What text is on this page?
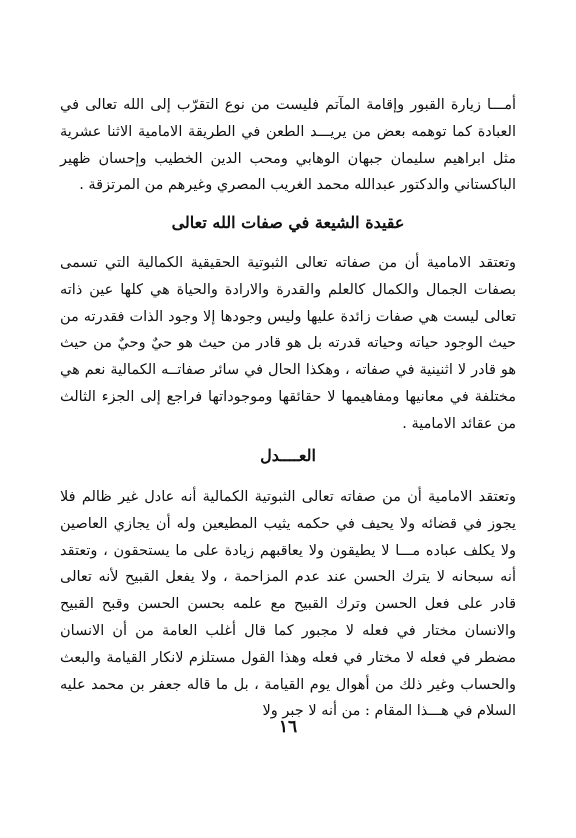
أمـــا زيارة القبور وإقامة المآتم فليست من نوع التقرّب إلى الله تعالى في العبادة كما توهمه بعض من يريـــد الطعن في الطريقة الامامية الاثنا عشرية مثل ابراهيم سليمان جبهان الوهابي ومحب الدين الخطيب وإحسان ظهير الباكستاني والدكتور عبدالله محمد الغريب المصري وغيرهم من المرتزقة .

عقيدة الشيعة في صفات الله تعالى

وتعتقد الامامية أن من صفاته تعالى الثبوتية الحقيقية الكمالية التي تسمى بصفات الجمال والكمال كالعلم والقدرة والارادة والحياة هي كلها عين ذاته تعالى ليست هي صفات زائدة عليها وليس وجودها إلا وجود الذات فقدرته من حيث الوجود حياته وحياته قدرته بل هو قادر من حيث هو حيٌ وحيٌ من حيث هو قادر لا اثنينية في صفاته ، وهكذا الحال في سائر صفاتــه الكمالية نعم هي مختلفة في معانيها ومفاهيمها لا حقائقها وموجوداتها فراجع إلى الجزء الثالث من عقائد الامامية .

العــــدل

وتعتقد الامامية أن من صفاته تعالى الثبوتية الكمالية أنه عادل غير ظالم فلا يجوز في قضائه ولا يحيف في حكمه يثيب المطيعين وله أن يجازي العاصين ولا يكلف عباده مـــا لا يطيقون ولا يعاقبهم زيادة على ما يستحقون ، وتعتقد أنه سبحانه لا يترك الحسن عند عدم المزاحمة ، ولا يفعل القبيح لأنه تعالى قادر على فعل الحسن وترك القبيح مع علمه بحسن الحسن وقبح القبيح والانسان مختار في فعله لا مجبور كما قال أغلب العامة من أن الانسان مضطر في فعله لا مختار في فعله وهذا القول مستلزم لانكار القيامة والبعث والحساب وغير ذلك من أهوال يوم القيامة ، بل ما قاله جعفر بن محمد عليه السلام في هـــذا المقام : من أنه لا جبر ولا

١٦
